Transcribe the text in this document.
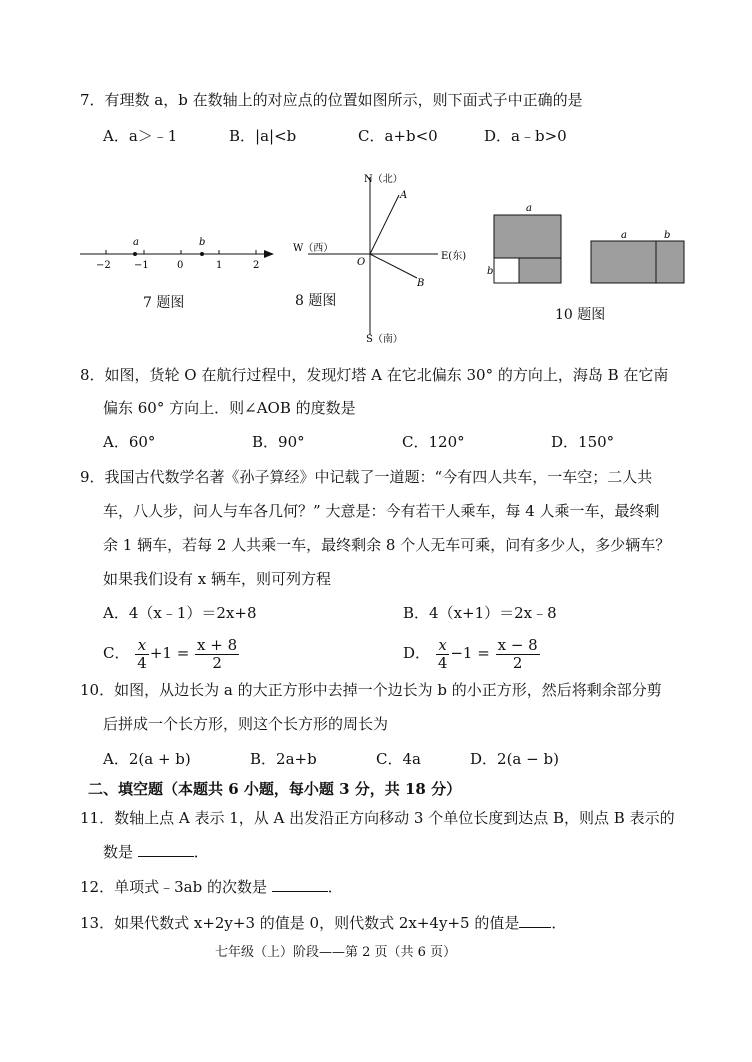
7．有理数 a，b 在数轴上的对应点的位置如图所示，则下面式子中正确的是
A．a＞﹣1	B．|a|<b	C．a+b<0	D．a﹣b>0
a	b
−2 −1	0	1	2
7 题图
N（北）
A
W（西）
E(东)
O
B
S（南）
8 题图
a
b
a	b
10 题图
8．如图，货轮 O 在航行过程中，发现灯塔 A 在它北偏东 30° 的方向上，海岛 B 在它南
偏东 60° 方向上．则∠AOB 的度数是
A．60°	B．90°	C．120°	D．150°
9．我国古代数学名著《孙子算经》中记载了一道题：“今有四人共车，一车空；二人共
车，八人步，问人与车各几何？” 大意是：今有若干人乘车，每 4 人乘一车，最终剩
余 1 辆车，若每 2 人共乘一车，最终剩余 8 个人无车可乘，问有多少人，多少辆车？
如果我们设有 x 辆车，则可列方程
A．4（x﹣1）＝2x+8	B．4（x+1）＝2x﹣8
C． $\frac{x}{4} +1 = \frac{x + 8}{2}$	D． $\frac{x}{4} -1 = \frac{x - 8}{2}$
10．如图，从边长为 a 的大正方形中去掉一个边长为 b 的小正方形，然后将剩余部分剪
后拼成一个长方形，则这个长方形的周长为
A．2(a + b)	B．2a+b	C．4a	D．2(a − b)
二、填空题（本题共 6 小题，每小题 3 分，共 18 分）
11．数轴上点 A 表示 1，从 A 出发沿正方向移动 3 个单位长度到达点 B，则点 B 表示的
数是	．
12．单项式﹣3ab 的次数是	．
13．如果代数式 x+2y+3 的值是 0，则代数式 2x+4y+5 的值是 ．
七年级（上）阶段——第 2 页（共 6 页）
